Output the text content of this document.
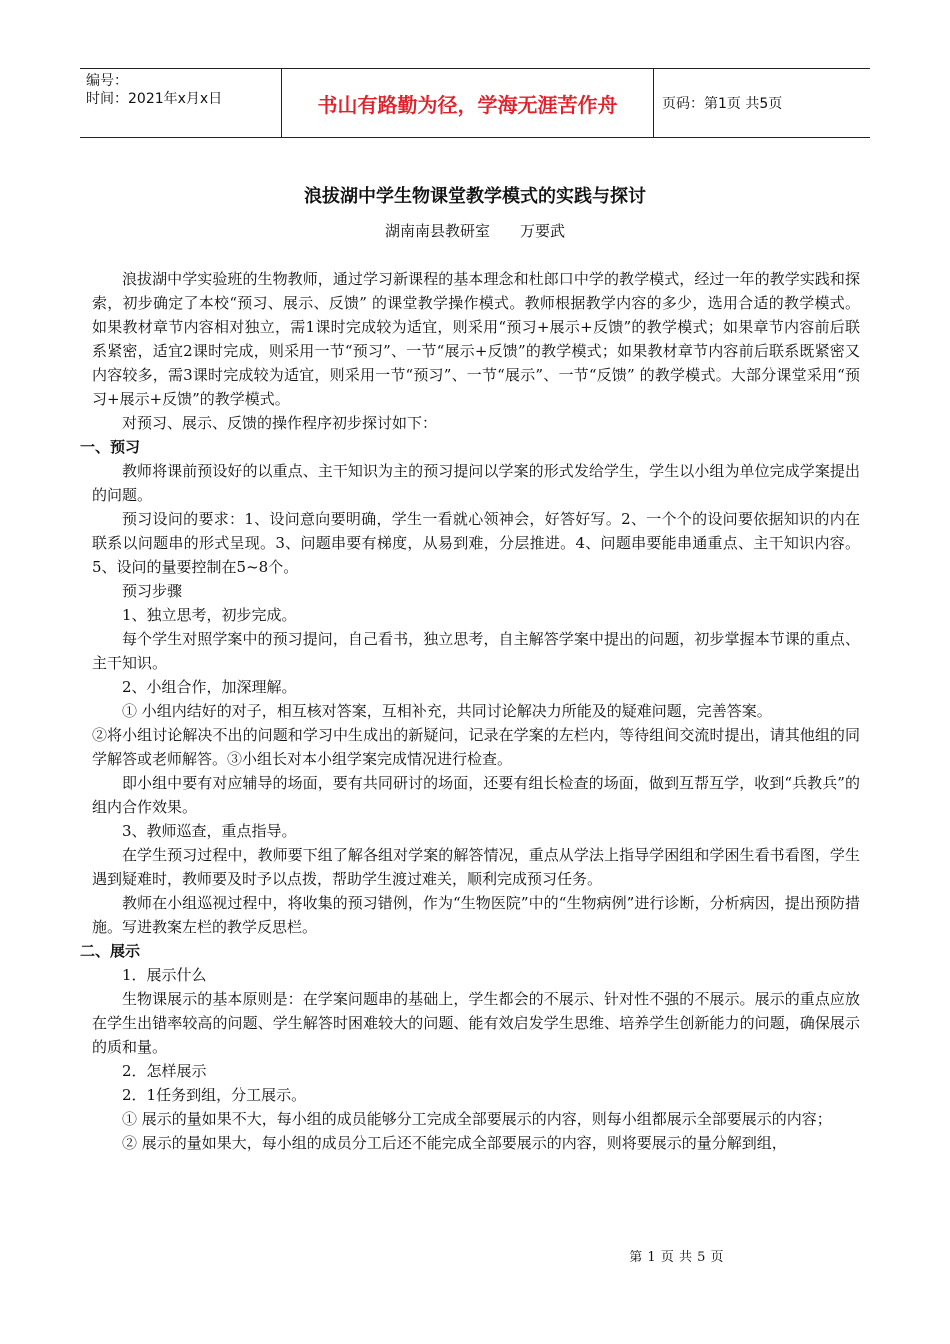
编号：
时间：2021年x月x日	书山有路勤为径，学海无涯苦作舟	页码：第1页 共5页
浪拔湖中学生物课堂教学模式的实践与探讨
湖南南县教研室 万要武

浪拔湖中学实验班的生物教师，通过学习新课程的基本理念和杜郎口中学的教学模式，经过一年的教学实践和探索，初步确定了本校“预习、展示、反馈” 的课堂教学操作模式。教师根据教学内容的多少，选用合适的教学模式。如果教材章节内容相对独立，需1课时完成较为适宜，则采用“预习+展示+反馈”的教学模式；如果章节内容前后联系紧密，适宜2课时完成，则采用一节“预习”、一节“展示+反馈”的教学模式；如果教材章节内容前后联系既紧密又内容较多，需3课时完成较为适宜，则采用一节“预习”、一节“展示”、一节“反馈” 的教学模式。大部分课堂采用“预习+展示+反馈”的教学模式。

对预习、展示、反馈的操作程序初步探讨如下：

一、预习

教师将课前预设好的以重点、主干知识为主的预习提问以学案的形式发给学生，学生以小组为单位完成学案提出的问题。

预习设问的要求：1、设问意向要明确，学生一看就心领神会，好答好写。2、一个个的设问要依据知识的内在联系以问题串的形式呈现。3、问题串要有梯度，从易到难，分层推进。4、问题串要能串通重点、主干知识内容。5、设问的量要控制在5~8个。

预习步骤

1、独立思考，初步完成。

每个学生对照学案中的预习提问，自己看书，独立思考，自主解答学案中提出的问题，初步掌握本节课的重点、主干知识。

2、小组合作，加深理解。

① 小组内结好的对子，相互核对答案，互相补充，共同讨论解决力所能及的疑难问题，完善答案。

②将小组讨论解决不出的问题和学习中生成出的新疑问，记录在学案的左栏内，等待组间交流时提出，请其他组的同学解答或老师解答。③小组长对本小组学案完成情况进行检查。

即小组中要有对应辅导的场面，要有共同研讨的场面，还要有组长检查的场面，做到互帮互学，收到“兵教兵”的组内合作效果。

3、教师巡查，重点指导。

在学生预习过程中，教师要下组了解各组对学案的解答情况，重点从学法上指导学困组和学困生看书看图，学生遇到疑难时，教师要及时予以点拨，帮助学生渡过难关，顺利完成预习任务。

教师在小组巡视过程中，将收集的预习错例，作为“生物医院”中的“生物病例”进行诊断，分析病因，提出预防措施。写进教案左栏的教学反思栏。

二、展示

1．展示什么

生物课展示的基本原则是：在学案问题串的基础上，学生都会的不展示、针对性不强的不展示。展示的重点应放在学生出错率较高的问题、学生解答时困难较大的问题、能有效启发学生思维、培养学生创新能力的问题，确保展示的质和量。

2．怎样展示

2．1任务到组，分工展示。

① 展示的量如果不大，每小组的成员能够分工完成全部要展示的内容，则每小组都展示全部要展示的内容；

② 展示的量如果大，每小组的成员分工后还不能完成全部要展示的内容，则将要展示的量分解到组，

第 1 页 共 5 页
